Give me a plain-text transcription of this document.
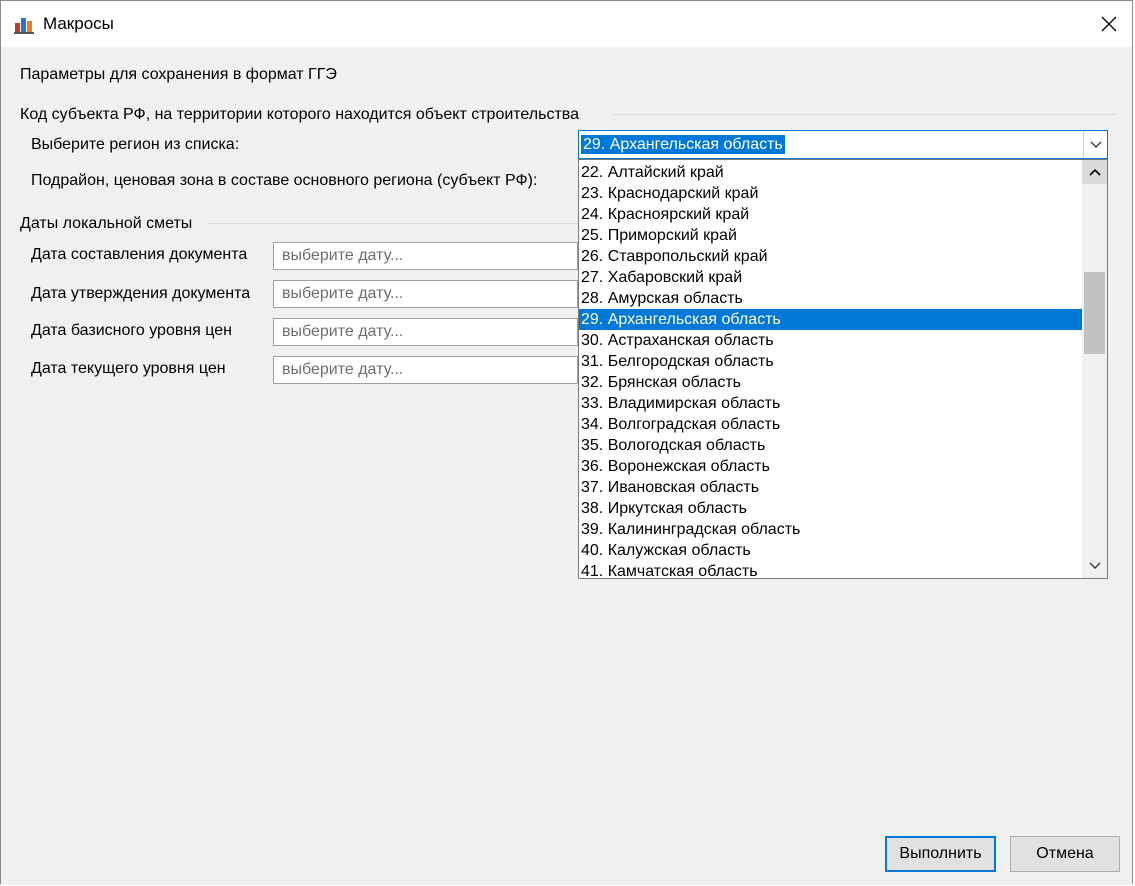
Макросы
Параметры для сохранения в формат ГГЭ
Код субъекта РФ, на территории которого находится объект строительства
Выберите регион из списка:
Подрайон, ценовая зона в составе основного региона (субъект РФ):
Даты локальной сметы
Дата составления документа	выберите дату...
Дата утверждения документа	выберите дату...
Дата базисного уровня цен	выберите дату...
Дата текущего уровня цен	выберите дату...
29. Архангельская область
22. Алтайский край
23. Краснодарский край
24. Красноярский край
25. Приморский край
26. Ставропольский край
27. Хабаровский край
28. Амурская область
29. Архангельская область
30. Астраханская область
31. Белгородская область
32. Брянская область
33. Владимирская область
34. Волгоградская область
35. Вологодская область
36. Воронежская область
37. Ивановская область
38. Иркутская область
39. Калининградская область
40. Калужская область
41. Камчатская область
Выполнить	Отмена
